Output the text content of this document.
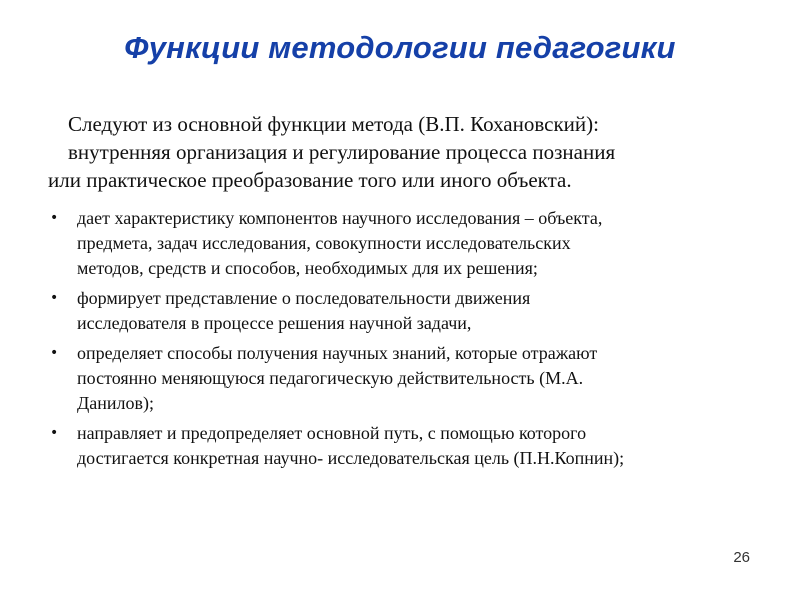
Функции методологии педагогики
Следуют из основной функции метода (В.П. Кохановский):
внутренняя организация и регулирование процесса познания
или практическое преобразование того или иного объекта.
• дает характеристику компонентов научного исследования – объекта,
предмета, задач исследования, совокупности исследовательских
методов, средств и способов, необходимых для их решения;
• формирует представление о последовательности движения
исследователя в процессе решения научной задачи,
• определяет способы получения научных знаний, которые отражают
постоянно меняющуюся педагогическую действительность (М.А.
Данилов);
• направляет и предопределяет основной путь, с помощью которого
достигается конкретная научно- исследовательская цель (П.Н.Копнин);
26
